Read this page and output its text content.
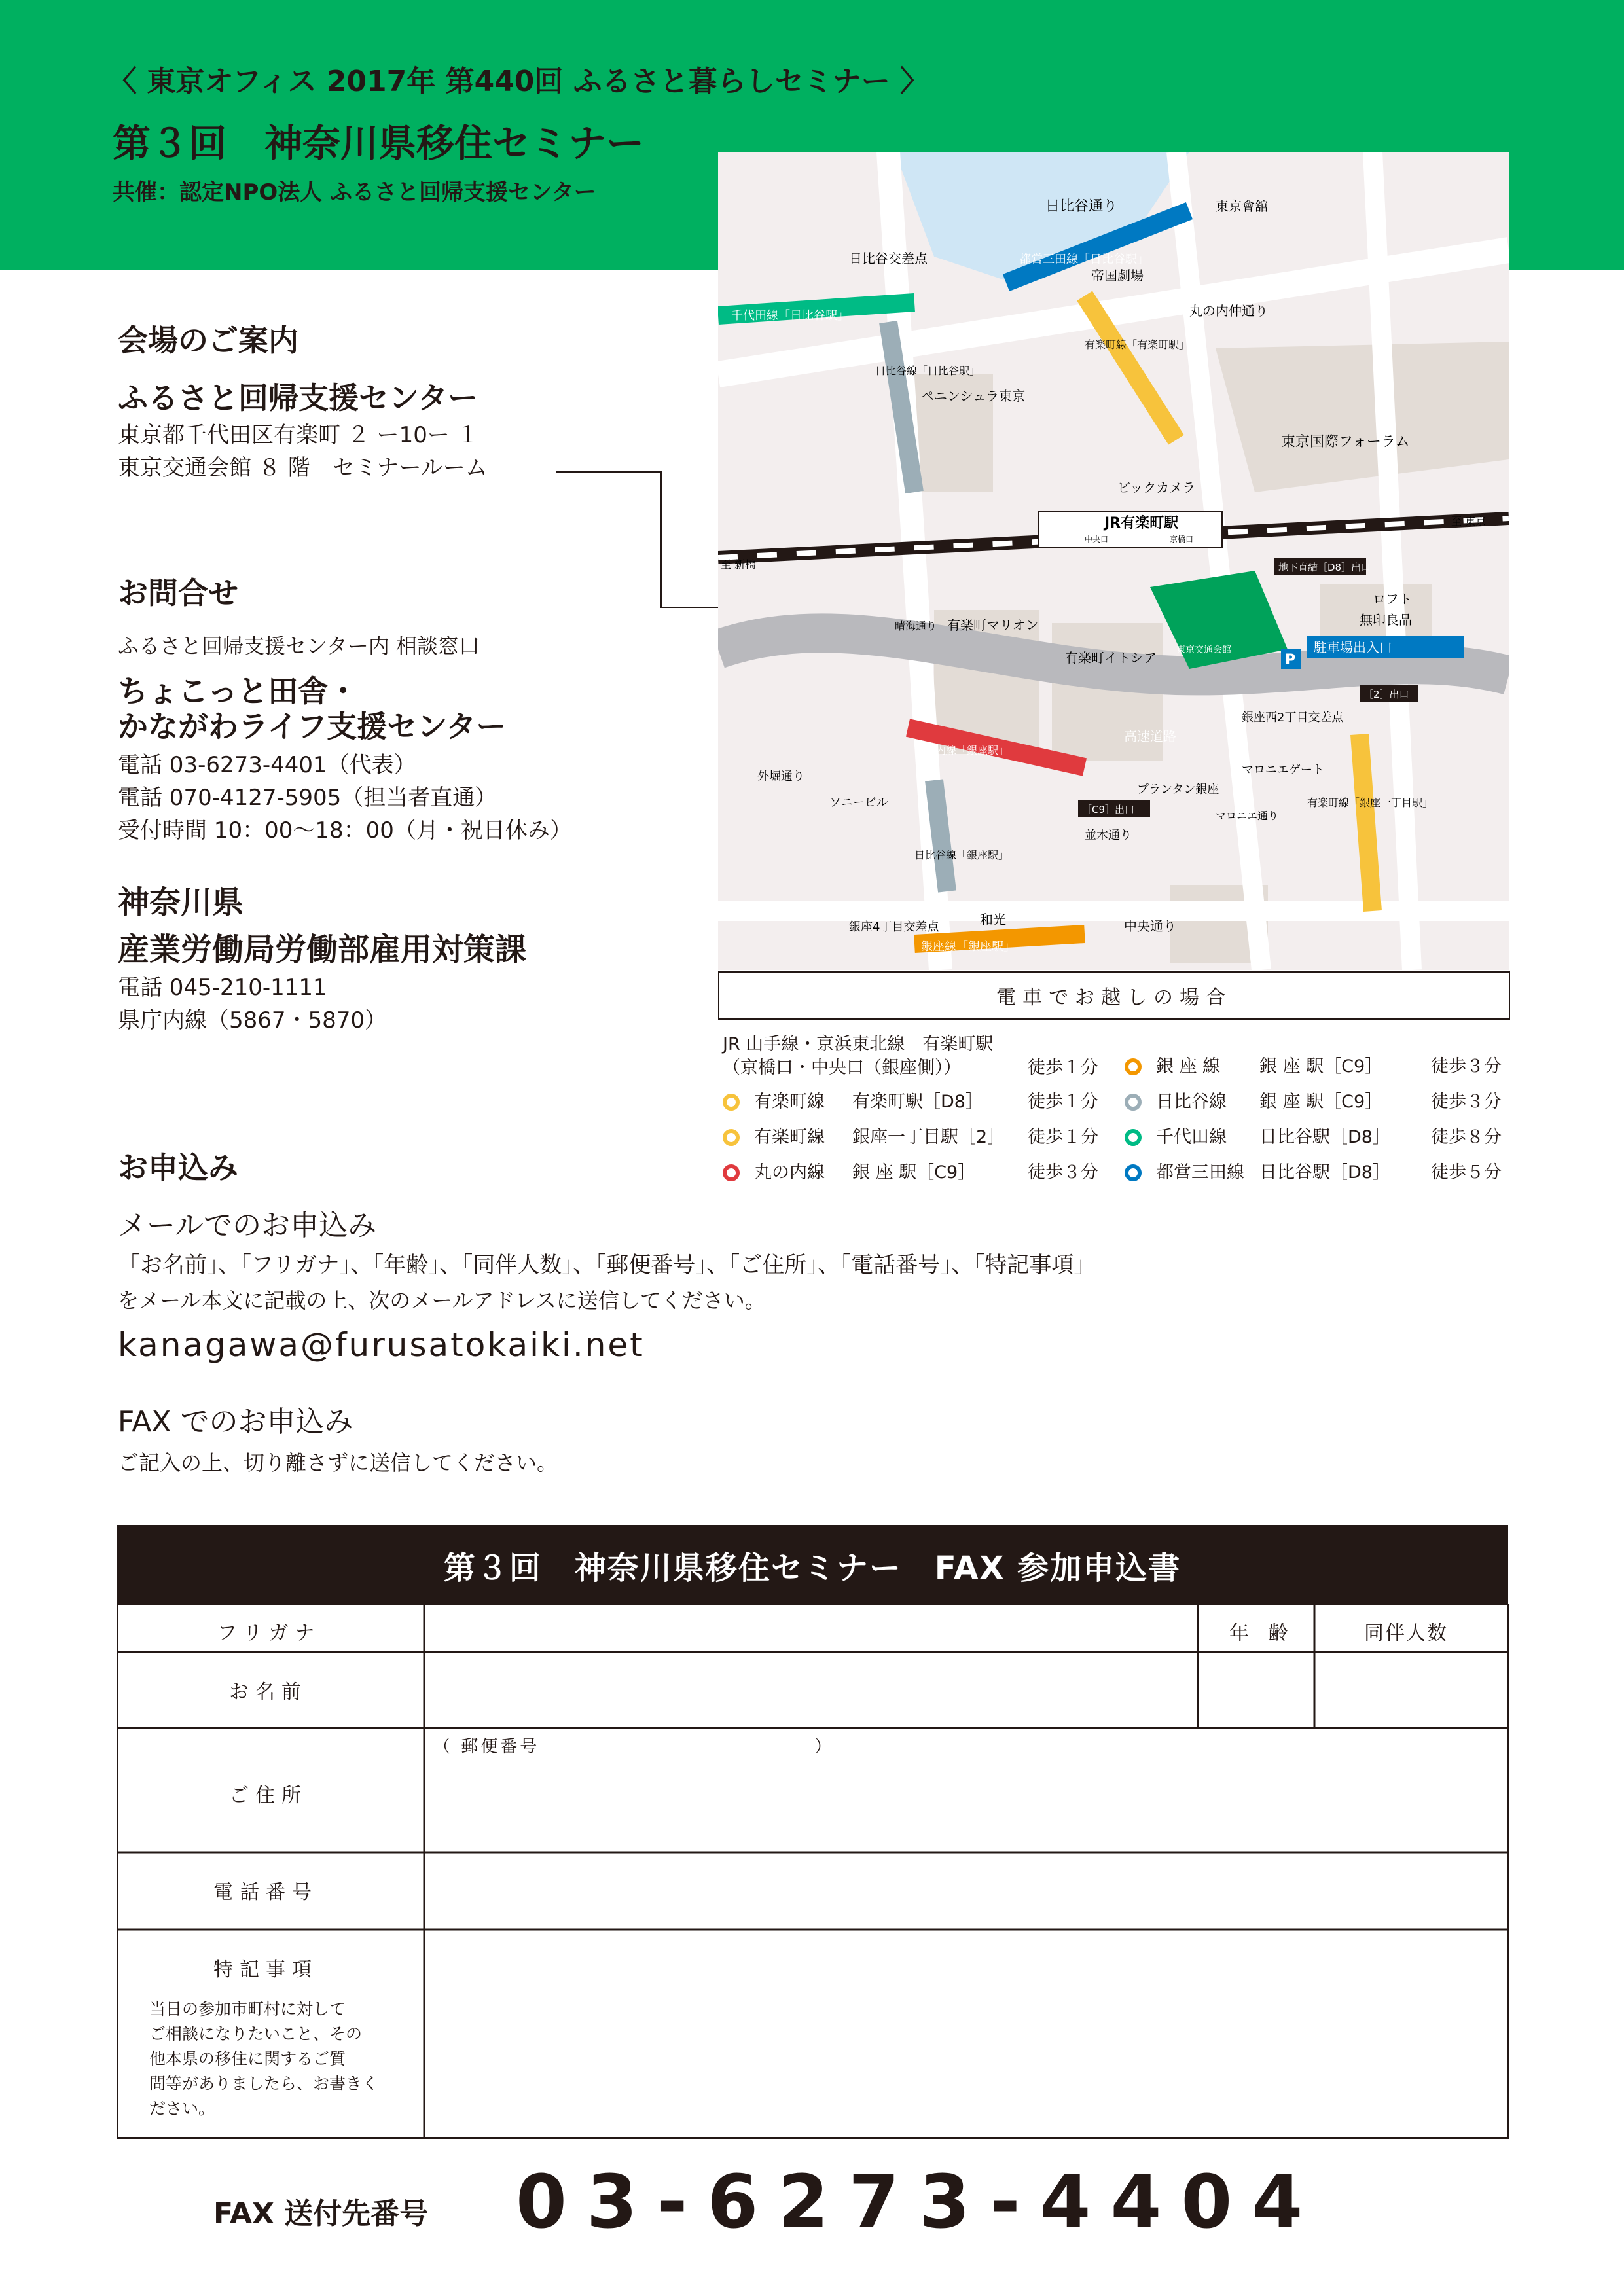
〈 東京オフィス 2017年 第440回 ふるさと暮らしセミナー 〉
第３回　神奈川県移住セミナー
共催：認定NPO法人 ふるさと回帰支援センター
会場のご案内
ふるさと回帰支援センター
東京都千代田区有楽町 ２ ー10ー １
東京交通会館 ８ 階　セミナールーム
お問合せ
ふるさと回帰支援センター内 相談窓口
ちょこっと田舎・
かながわライフ支援センター
電話 03-6273-4401（代表）
電話 070-4127-5905（担当者直通）
受付時間 10：00〜18：00（月・祝日休み）
神奈川県
産業労働局労働部雇用対策課
電話 045-210-1111
県庁内線（5867・5870）
東京交通会館
P
駐車場出入口
JR有楽町駅
中央口	京橋口
地下直結［D8］出口
［2］出口
［C9］出口
日比谷通り
都営三田線「日比谷駅」
千代田線「日比谷駅」
日比谷交差点
帝国劇場
東京會舘
丸の内仲通り
有楽町線「有楽町駅」
日比谷線「日比谷駅」
ペニンシュラ東京
東京国際フォーラム
ビックカメラ
至 新橋
至 東京
ロフト
無印良品
有楽町マリオン
有楽町イトシア
晴海通り
高速道路
銀座西2丁目交差点
丸の内線「銀座駅」
外堀通り
ソニービル
プランタン銀座
マロニエゲート
並木通り
マロニエ通り
日比谷線「銀座駅」
有楽町線「銀座一丁目駅」
和光
銀座4丁目交差点	中央通り
銀座線「銀座駅」
電車でお越しの場合
JR 山手線・京浜東北線　有楽町駅
（京橋口・中央口（銀座側））	徒歩１分
有楽町線 有楽町駅［D8］	徒歩１分
有楽町線 銀座一丁目駅［2］ 徒歩１分
丸の内線 銀 座 駅［C9］	徒歩３分
銀 座 線 銀 座 駅［C9］	徒歩３分
日比谷線 銀 座 駅［C9］	徒歩３分
千代田線 日比谷駅［D8］ 徒歩８分
都営三田線 日比谷駅［D8］ 徒歩５分
お申込み
メールでのお申込み
「お名前」、「フリガナ」、「年齢」、「同伴人数」、「郵便番号」、「ご住所」、「電話番号」、「特記事項」
をメール本文に記載の上、次のメールアドレスに送信してください。
kanagawa@furusatokaiki.net
FAX でのお申込み
ご記入の上、切り離さずに送信してください。
第３回　神奈川県移住セミナー　FAX 参加申込書
フリガナ	年 齢	同伴人数
お名前
ご住所
（ 郵便番号　　　　　　　　　　　　　　）
電話番号
特記事項
当日の参加市町村に対して
ご相談になりたいこと、その
他本県の移住に関するご質
問等がありましたら、お書きく
ださい。
FAX 送付先番号 03-6273-4404
